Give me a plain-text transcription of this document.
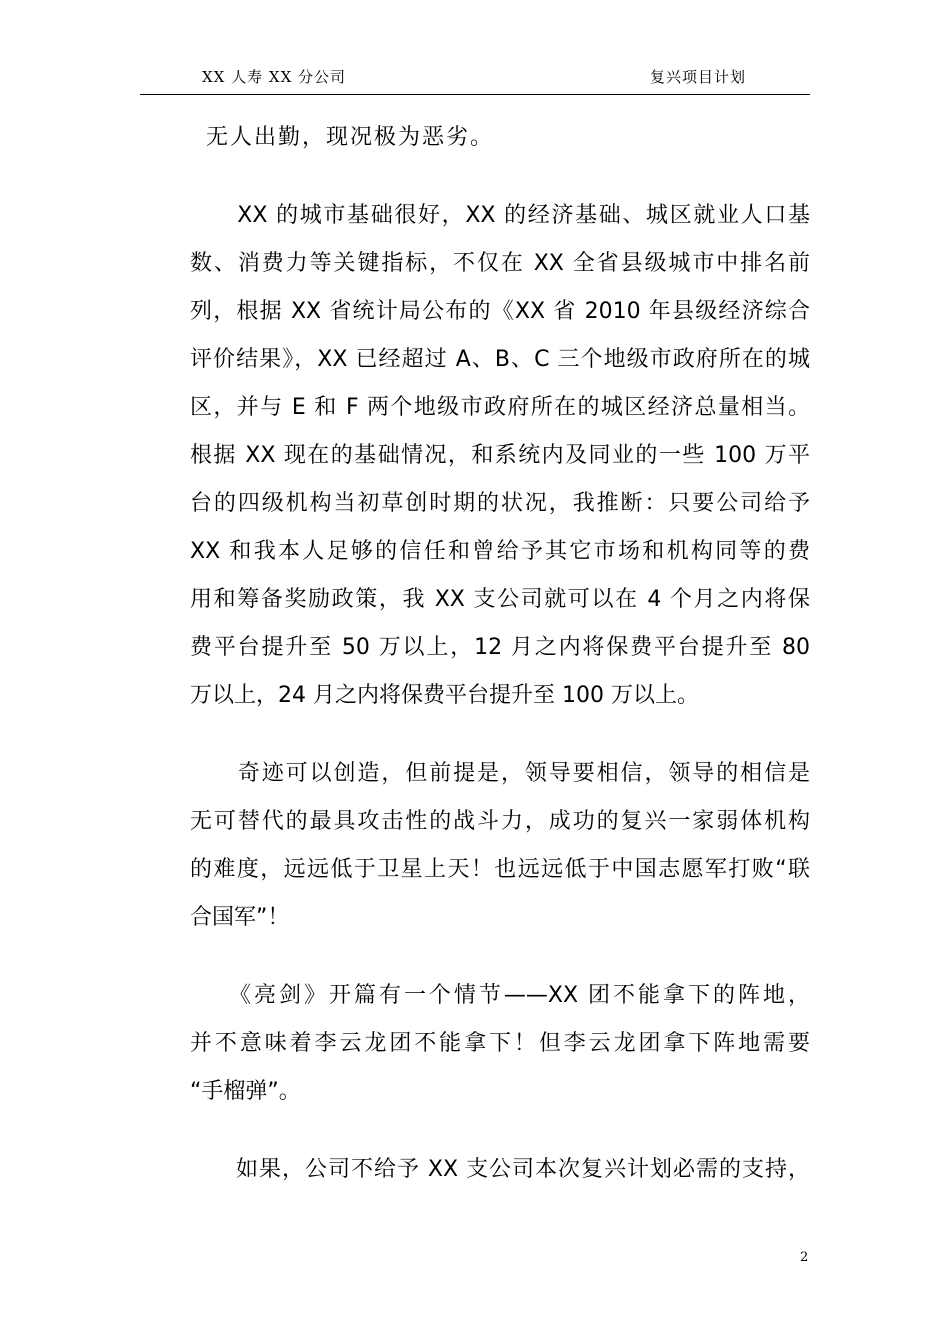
XX 人寿 XX 分公司	复兴项目计划
无人出勤，现况极为恶劣。
　　XX 的城市基础很好，XX 的经济基础、城区就业人口基
数、消费力等关键指标，不仅在 XX 全省县级城市中排名前
列，根据 XX 省统计局公布的《XX 省 2010 年县级经济综合
评价结果》，XX 已经超过 A、B、C 三个地级市政府所在的城
区，并与 E 和 F 两个地级市政府所在的城区经济总量相当。
根据 XX 现在的基础情况，和系统内及同业的一些 100 万平
台的四级机构当初草创时期的状况，我推断：只要公司给予
XX 和我本人足够的信任和曾给予其它市场和机构同等的费
用和筹备奖励政策，我 XX 支公司就可以在 4 个月之内将保
费平台提升至 50 万以上，12 月之内将保费平台提升至 80
万以上，24 月之内将保费平台提升至 100 万以上。
　　奇迹可以创造，但前提是，领导要相信，领导的相信是
无可替代的最具攻击性的战斗力，成功的复兴一家弱体机构
的难度，远远低于卫星上天！也远远低于中国志愿军打败“联
合国军”！
　　《亮剑》开篇有一个情节——XX 团不能拿下的阵地，
并不意味着李云龙团不能拿下！但李云龙团拿下阵地需要
“手榴弹”。
　　如果，公司不给予 XX 支公司本次复兴计划必需的支持，
2
